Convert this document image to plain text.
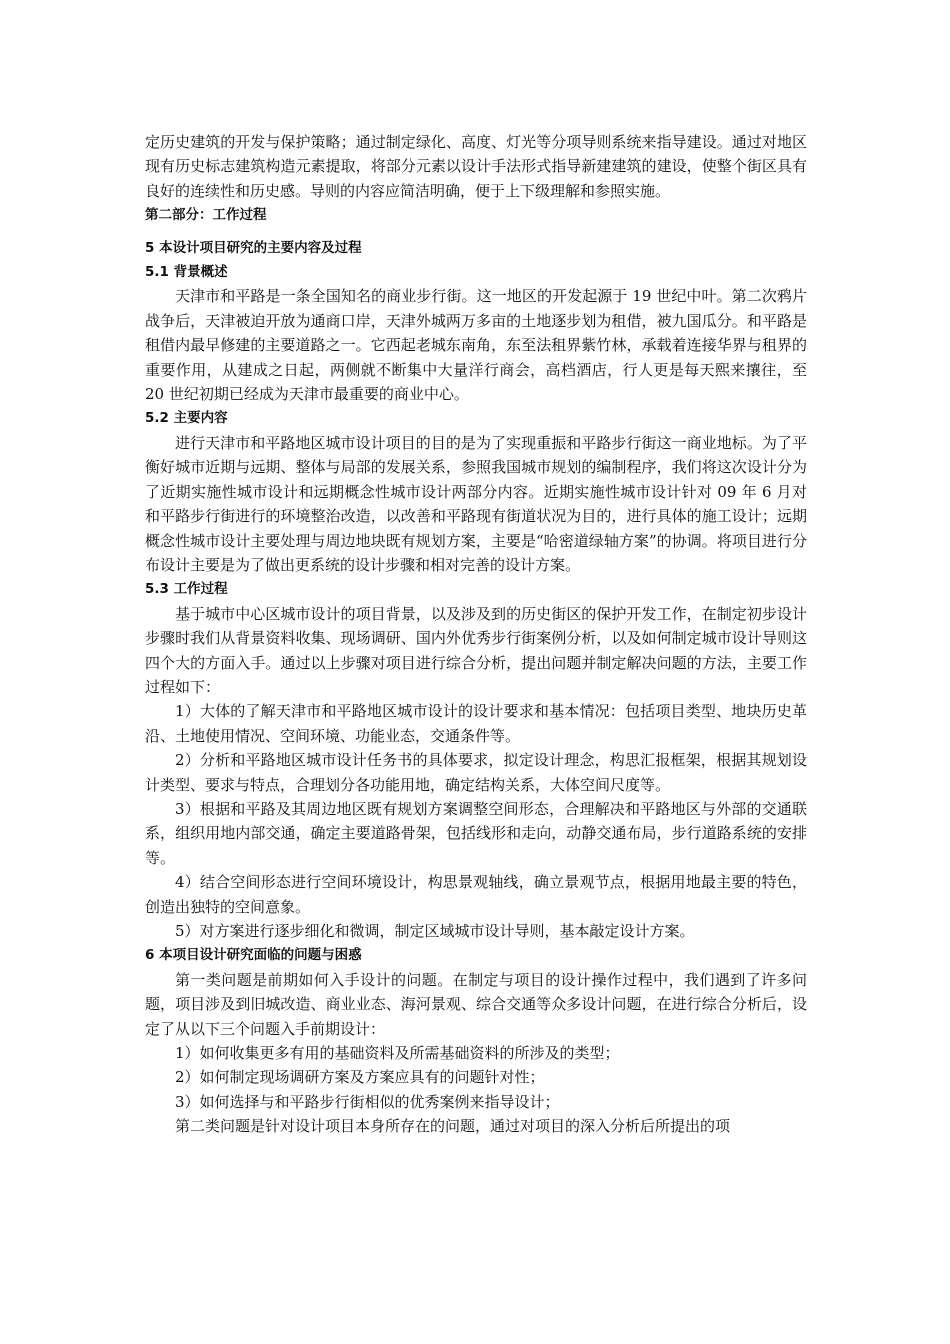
定历史建筑的开发与保护策略；通过制定绿化、高度、灯光等分项导则系统来指导建设。通过对地区现有历史标志建筑构造元素提取，将部分元素以设计手法形式指导新建建筑的建设，使整个街区具有良好的连续性和历史感。导则的内容应简洁明确，便于上下级理解和参照实施。

第二部分：工作过程

5 本设计项目研究的主要内容及过程

5.1 背景概述

天津市和平路是一条全国知名的商业步行街。这一地区的开发起源于 19 世纪中叶。第二次鸦片战争后，天津被迫开放为通商口岸，天津外城两万多亩的土地逐步划为租借，被九国瓜分。和平路是租借内最早修建的主要道路之一。它西起老城东南角，东至法租界紫竹林，承载着连接华界与租界的重要作用，从建成之日起，两侧就不断集中大量洋行商会，高档酒店，行人更是每天熙来攘往，至 20 世纪初期已经成为天津市最重要的商业中心。

5.2 主要内容

进行天津市和平路地区城市设计项目的目的是为了实现重振和平路步行街这一商业地标。为了平衡好城市近期与远期、整体与局部的发展关系，参照我国城市规划的编制程序，我们将这次设计分为了近期实施性城市设计和远期概念性城市设计两部分内容。近期实施性城市设计针对 09 年 6 月对和平路步行街进行的环境整治改造，以改善和平路现有街道状况为目的，进行具体的施工设计；远期概念性城市设计主要处理与周边地块既有规划方案，主要是“哈密道绿轴方案”的协调。将项目进行分布设计主要是为了做出更系统的设计步骤和相对完善的设计方案。

5.3 工作过程

基于城市中心区城市设计的项目背景，以及涉及到的历史街区的保护开发工作，在制定初步设计步骤时我们从背景资料收集、现场调研、国内外优秀步行街案例分析，以及如何制定城市设计导则这四个大的方面入手。通过以上步骤对项目进行综合分析，提出问题并制定解决问题的方法，主要工作过程如下：

1）大体的了解天津市和平路地区城市设计的设计要求和基本情况：包括项目类型、地块历史革沿、土地使用情况、空间环境、功能业态，交通条件等。

2）分析和平路地区城市设计任务书的具体要求，拟定设计理念，构思汇报框架，根据其规划设计类型、要求与特点，合理划分各功能用地，确定结构关系，大体空间尺度等。

3）根据和平路及其周边地区既有规划方案调整空间形态，合理解决和平路地区与外部的交通联系，组织用地内部交通，确定主要道路骨架，包括线形和走向，动静交通布局，步行道路系统的安排等。

4）结合空间形态进行空间环境设计，构思景观轴线，确立景观节点，根据用地最主要的特色，创造出独特的空间意象。

5）对方案进行逐步细化和微调，制定区域城市设计导则，基本敲定设计方案。

6 本项目设计研究面临的问题与困惑

第一类问题是前期如何入手设计的问题。在制定与项目的设计操作过程中，我们遇到了许多问题，项目涉及到旧城改造、商业业态、海河景观、综合交通等众多设计问题，在进行综合分析后，设定了从以下三个问题入手前期设计：

1）如何收集更多有用的基础资料及所需基础资料的所涉及的类型；

2）如何制定现场调研方案及方案应具有的问题针对性；

3）如何选择与和平路步行街相似的优秀案例来指导设计；

第二类问题是针对设计项目本身所存在的问题，通过对项目的深入分析后所提出的项
